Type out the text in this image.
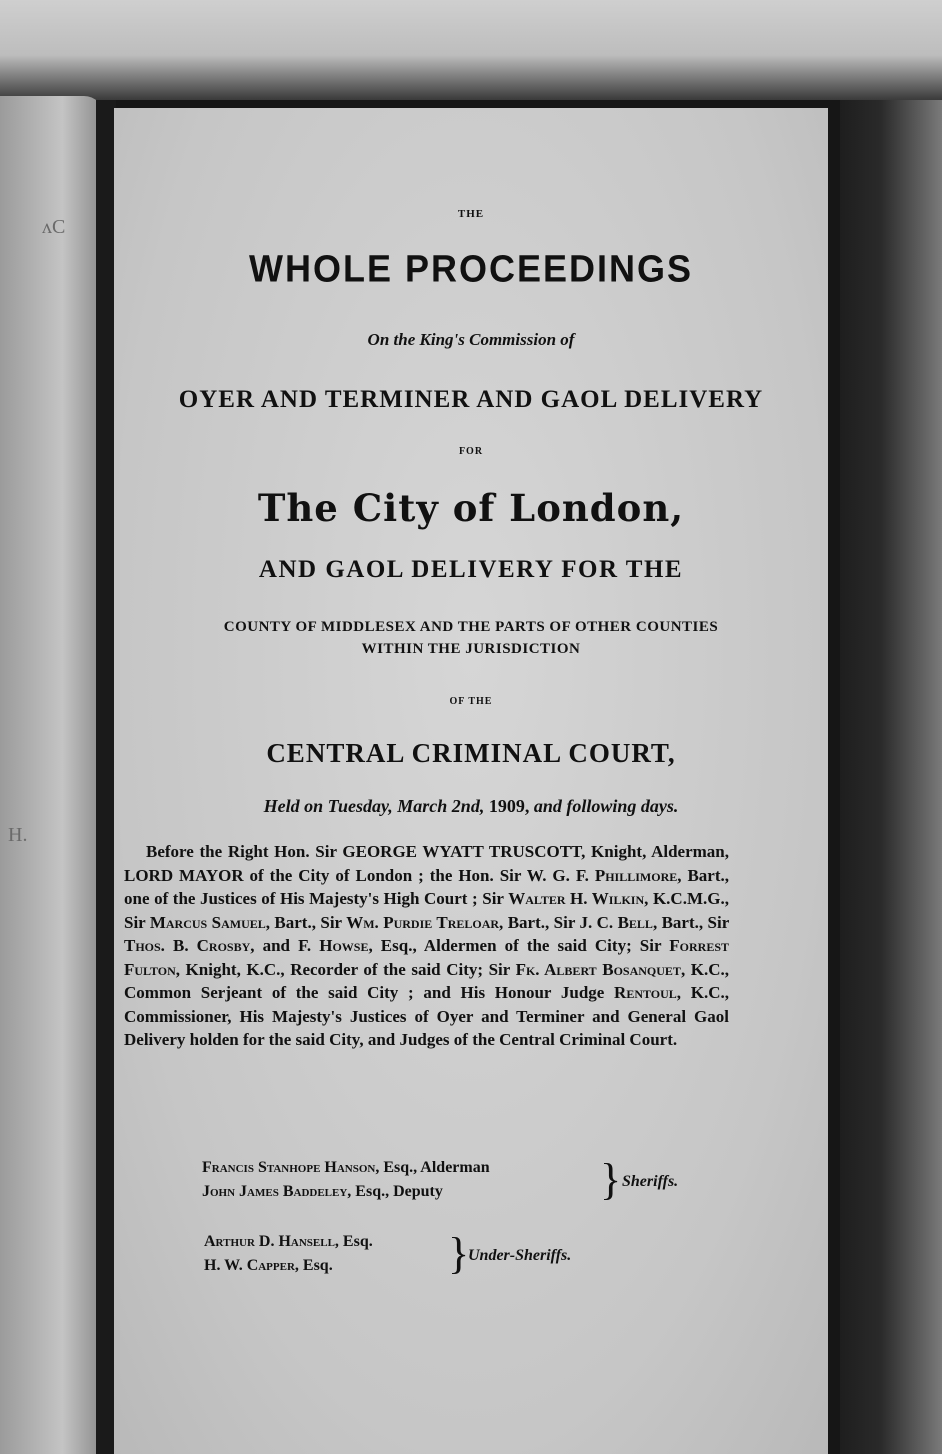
ʌC
H.

THE

WHOLE PROCEEDINGS

On the King's Commission of

OYER AND TERMINER AND GAOL DELIVERY

FOR

The City of London,

AND GAOL DELIVERY FOR THE

COUNTY OF MIDDLESEX AND THE PARTS OF OTHER COUNTIES
WITHIN THE JURISDICTION

OF THE

CENTRAL CRIMINAL COURT,

Held on Tuesday, March 2nd, 1909, and following days.

Before the Right Hon. Sir GEORGE WYATT TRUSCOTT, Knight, Alderman, LORD MAYOR of the City of London ; the Hon. Sir W. G. F. Phillimore, Bart., one of the Justices of His Majesty's High Court ; Sir Walter H. Wilkin, K.C.M.G., Sir Marcus Samuel, Bart., Sir Wm. Purdie Treloar, Bart., Sir J. C. Bell, Bart., Sir Thos. B. Crosby, and F. Howse, Esq., Aldermen of the said City; Sir Forrest Fulton, Knight, K.C., Recorder of the said City; Sir Fk. Albert Bosanquet, K.C., Common Serjeant of the said City ; and His Honour Judge Rentoul, K.C., Commissioner, His Majesty's Justices of Oyer and Terminer and General Gaol Delivery holden for the said City, and Judges of the Central Criminal Court.

Francis Stanhope Hanson, Esq., Alderman
John James Baddeley, Esq., Deputy	} Sheriffs.
Arthur D. Hansell, Esq.
H. W. Capper, Esq.	}
Under-Sheriffs.
